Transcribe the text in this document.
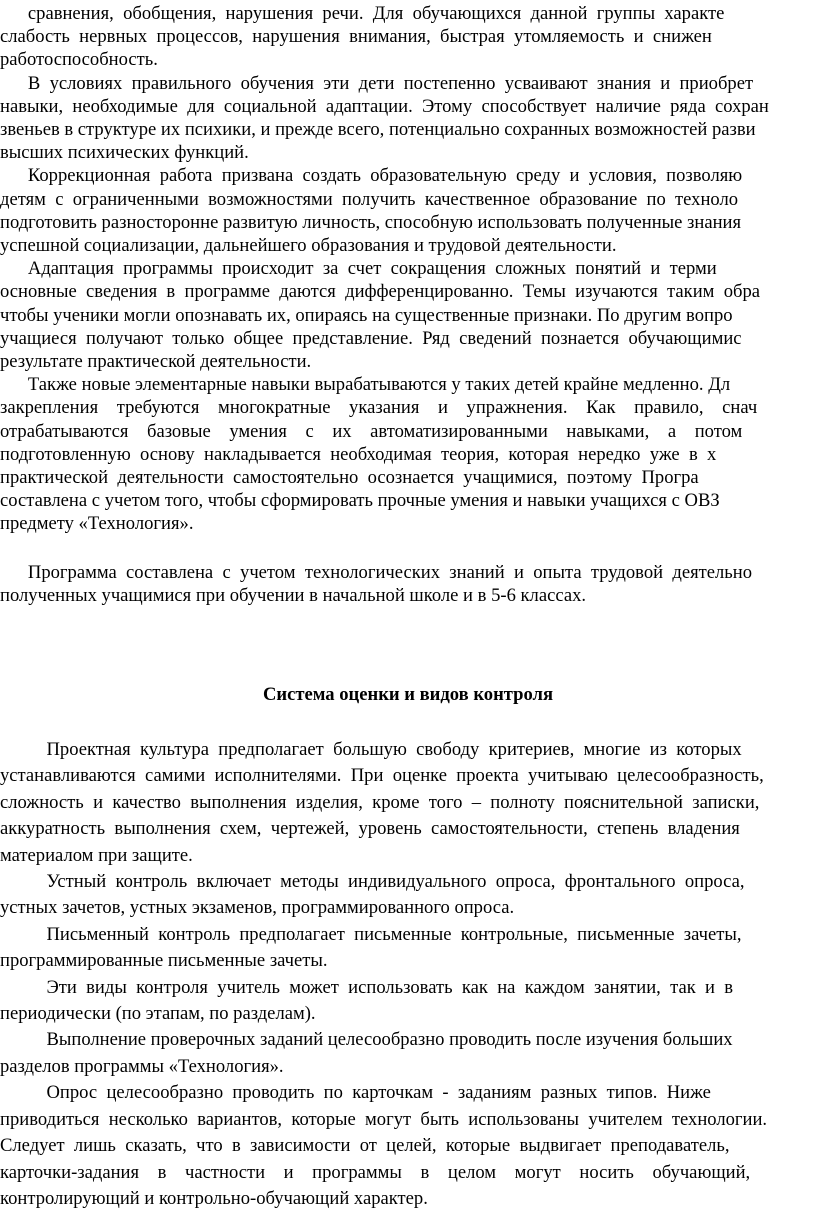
сравнения,  обобщения,  нарушения  речи.  Для  обучающихся  данной  группы  характе
слабость  нервных  процессов,  нарушения  внимания,  быстрая  утомляемость  и  снижен
работоспособность.
В  условиях  правильного  обучения  эти  дети  постепенно  усваивают  знания  и  приобрет
навыки,  необходимые  для  социальной  адаптации.  Этому  способствует  наличие  ряда  сохран
звеньев в структуре их психики, и прежде всего, потенциально сохранных возможностей разви
высших психических функций.
Коррекционная  работа  призвана  создать  образовательную  среду  и  условия,  позволяю
детям  с  ограниченными  возможностями  получить  качественное  образование  по  техноло
подготовить разносторонне развитую личность, способную использовать полученные знания
успешной социализации, дальнейшего образования и трудовой деятельности.
Адаптация  программы  происходит  за  счет  сокращения  сложных  понятий  и  терми
основные  сведения  в  программе  даются  дифференцированно.  Темы  изучаются  таким  обра
чтобы ученики могли опознавать их, опираясь на существенные признаки. По другим вопро
учащиеся  получают  только  общее  представление.  Ряд  сведений  познается  обучающимис
результате практической деятельности.
Также новые элементарные навыки вырабатываются у таких детей крайне медленно. Дл
закрепления    требуются    многократные    указания    и    упражнения.    Как    правило,    снач
отрабатываются    базовые    умения    с    их    автоматизированными    навыками,    а    потом
подготовленную  основу  накладывается  необходимая  теория,  которая  нередко  уже  в  х
практической  деятельности  самостоятельно  осознается  учащимися,  поэтому  Програ
составлена с учетом того, чтобы сформировать прочные умения и навыки учащихся с ОВЗ
предмету «Технология».
Программа  составлена  с  учетом  технологических  знаний  и  опыта  трудовой  деятельно
полученных учащимися при обучении в начальной школе и в 5-6 классах.
Система оценки и видов контроля
Проектная  культура  предполагает  большую  свободу  критериев,  многие  из  которых
устанавливаются  самими  исполнителями.  При  оценке  проекта  учитываю  целесообразность,
сложность  и  качество  выполнения  изделия,  кроме  того  –  полноту  пояснительной  записки,
аккуратность  выполнения  схем,  чертежей,  уровень  самостоятельности,  степень  владения
материалом при защите.
Устный  контроль  включает  методы  индивидуального  опроса,  фронтального  опроса,
устных зачетов, устных экзаменов, программированного опроса.
Письменный  контроль  предполагает  письменные  контрольные,  письменные  зачеты,
программированные письменные зачеты.
Эти  виды  контроля  учитель  может  использовать  как  на  каждом  занятии,  так  и  в
периодически (по этапам, по разделам).
Выполнение проверочных заданий целесообразно проводить после изучения больших
разделов программы «Технология».
Опрос  целесообразно  проводить  по  карточкам  -  заданиям  разных  типов.  Ниже
приводиться  несколько  вариантов,  которые  могут  быть  использованы  учителем  технологии.
Следует  лишь  сказать,  что  в  зависимости  от  целей,  которые  выдвигает  преподаватель,
карточки-задания    в    частности    и    программы    в    целом    могут    носить    обучающий,
контролирующий и контрольно-обучающий характер.
